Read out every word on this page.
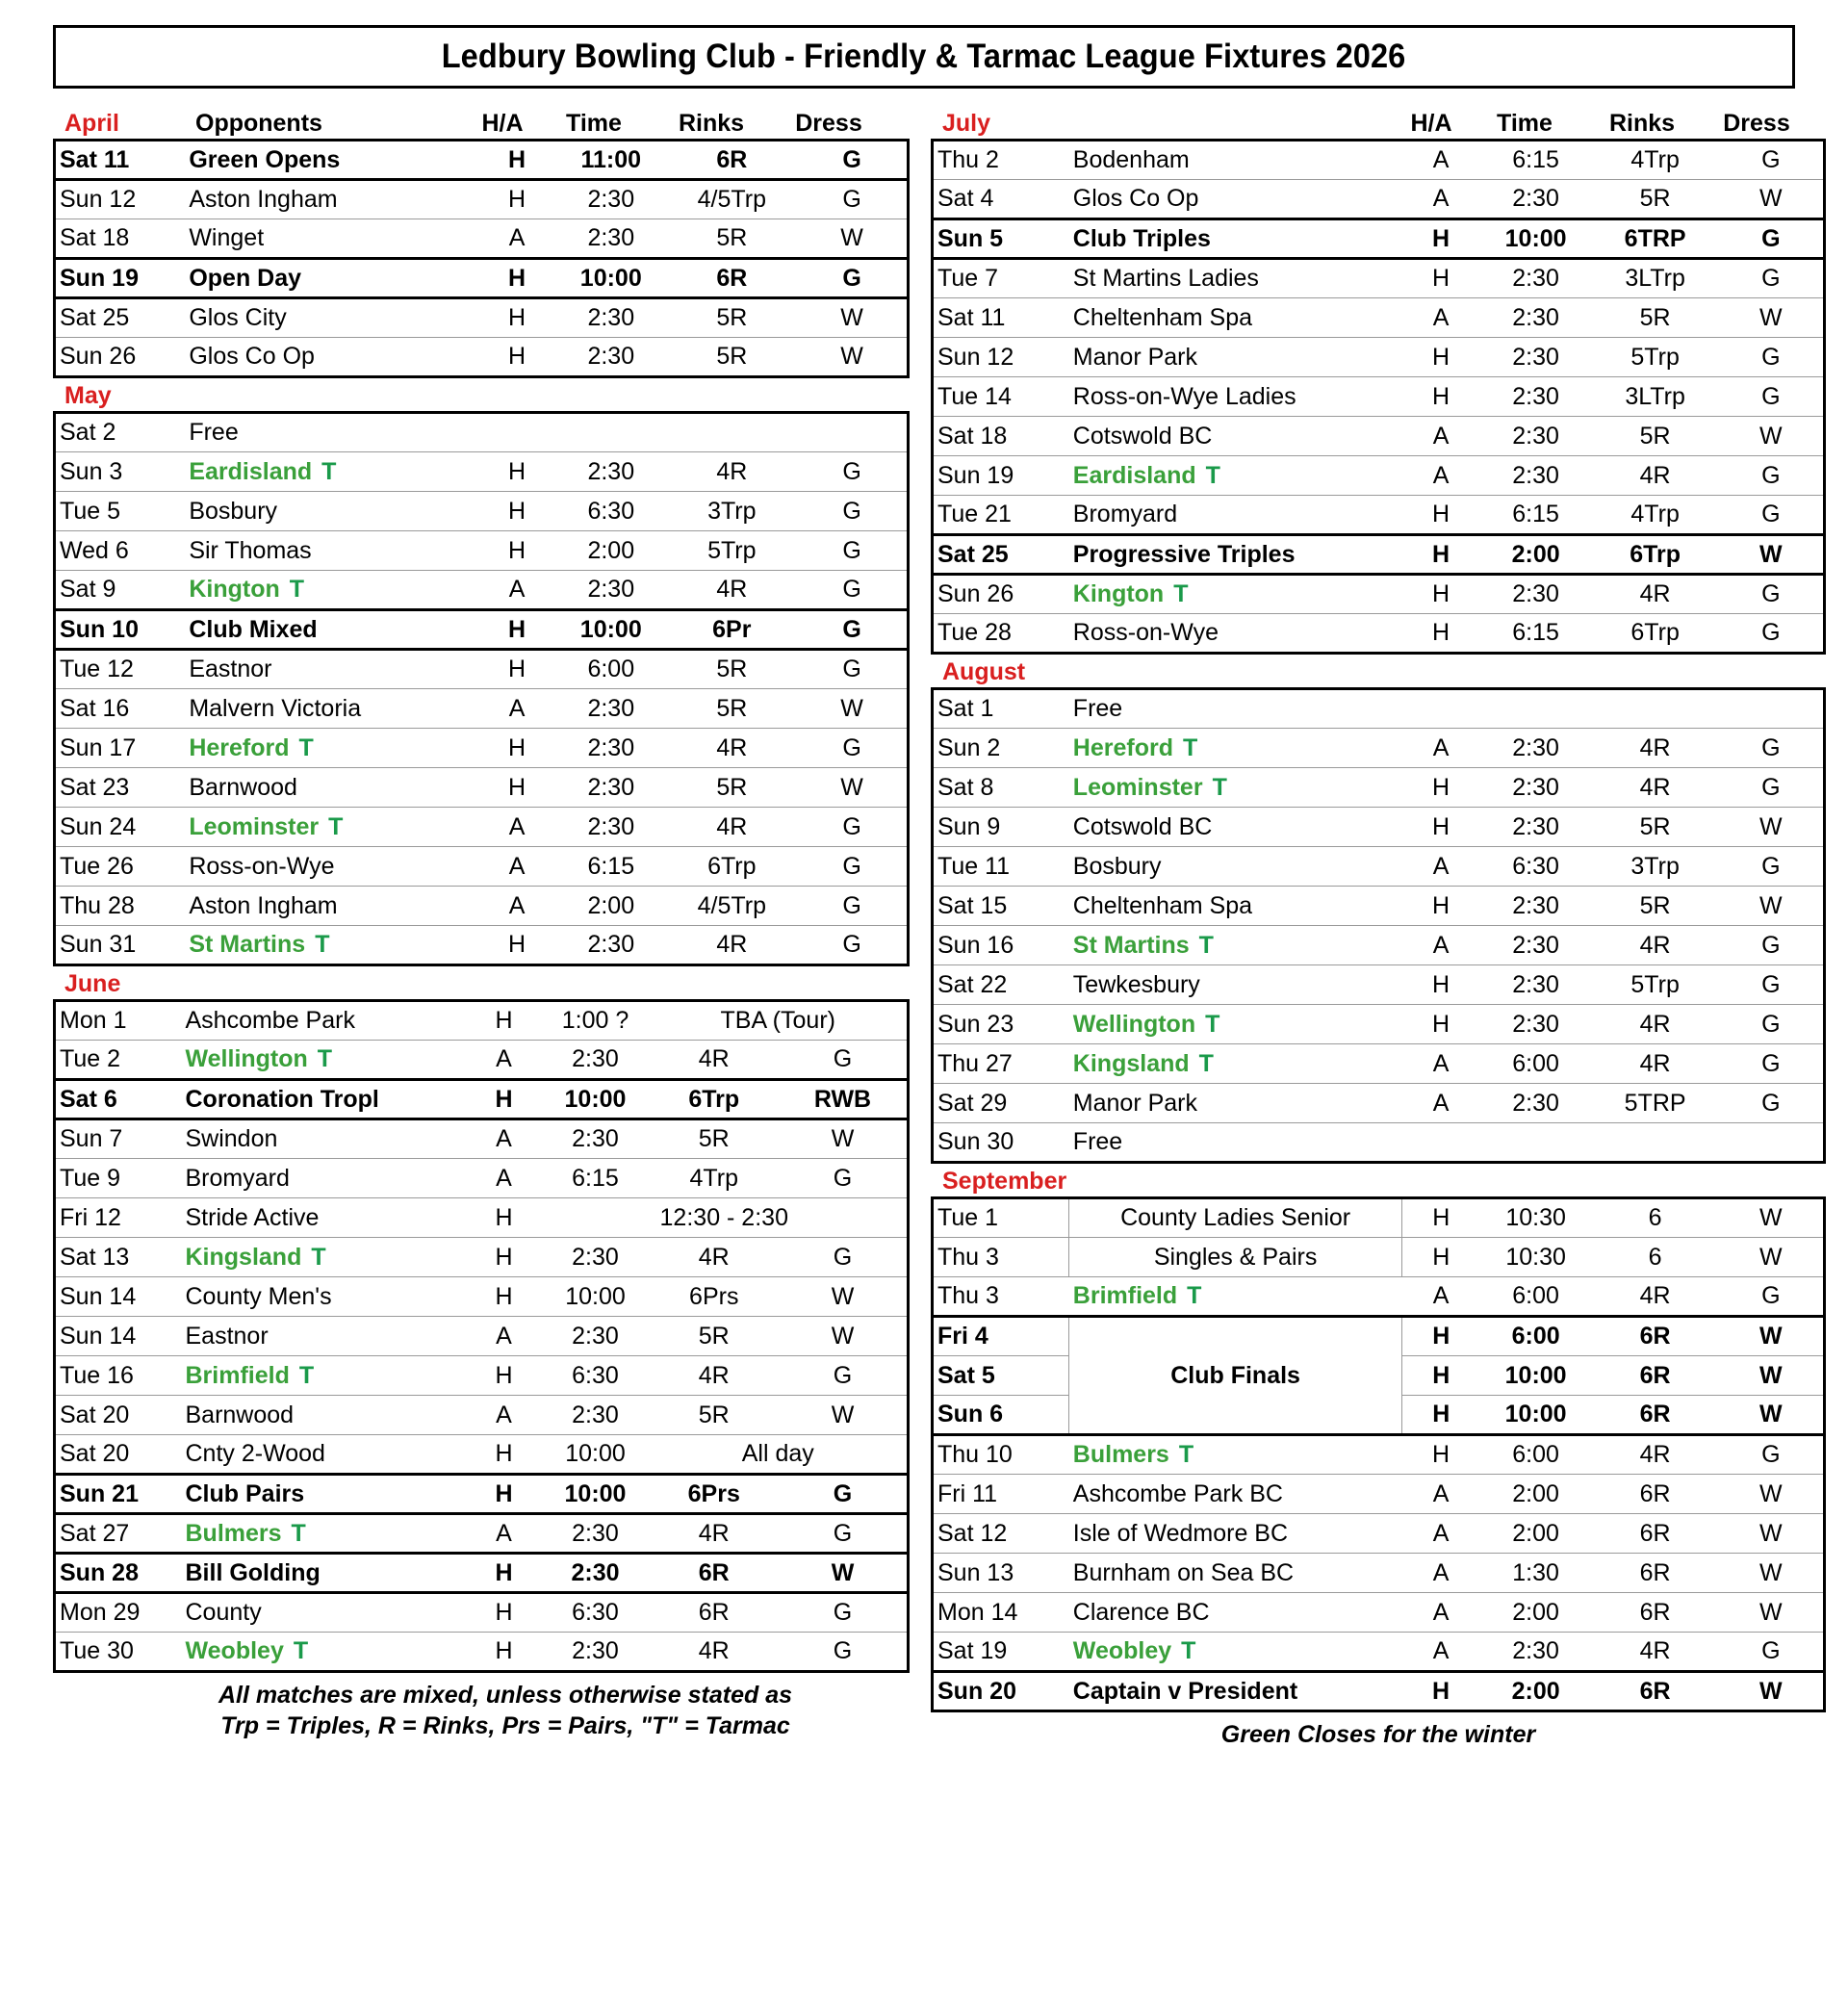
Ledbury Bowling Club - Friendly & Tarmac League Fixtures 2026
April	Opponents	H/A	Time	Rinks	Dress
Sat 11	Green Opens	H	11:00	6R	G
Sun 12	Aston Ingham	H	2:30	4/5Trp	G
Sat 18	Winget	A	2:30	5R	W
Sun 19	Open Day	H	10:00	6R	G
Sat 25	Glos City	H	2:30	5R	W
Sun 26	Glos Co Op	H	2:30	5R	W
May
Sat 2	Free				
Sun 3	Eardisland T	H	2:30	4R	G
Tue 5	Bosbury	H	6:30	3Trp	G
Wed 6	Sir Thomas	H	2:00	5Trp	G
Sat 9	Kington T	A	2:30	4R	G
Sun 10	Club Mixed	H	10:00	6Pr	G
Tue 12	Eastnor	H	6:00	5R	G
Sat 16	Malvern Victoria	A	2:30	5R	W
Sun 17	Hereford T	H	2:30	4R	G
Sat 23	Barnwood	H	2:30	5R	W
Sun 24	Leominster T	A	2:30	4R	G
Tue 26	Ross-on-Wye	A	6:15	6Trp	G
Thu 28	Aston Ingham	A	2:00	4/5Trp	G
Sun 31	St Martins T	H	2:30	4R	G
June
Mon 1	Ashcombe Park	H	1:00 ?	TBA (Tour)	
Tue 2	Wellington T	A	2:30	4R	G
Sat 6	Coronation Tropl	H	10:00	6Trp	RWB
Sun 7	Swindon	A	2:30	5R	W
Tue 9	Bromyard	A	6:15	4Trp	G
Fri 12	Stride Active	H	12:30 - 2:30		
Sat 13	Kingsland T	H	2:30	4R	G
Sun 14	County Men's	H	10:00	6Prs	W
Sun 14	Eastnor	A	2:30	5R	W
Tue 16	Brimfield T	H	6:30	4R	G
Sat 20	Barnwood	A	2:30	5R	W
Sat 20	Cnty 2-Wood	H	10:00	All day	
Sun 21	Club Pairs	H	10:00	6Prs	G
Sat 27	Bulmers T	A	2:30	4R	G
Sun 28	Bill Golding	H	2:30	6R	W
Mon 29	County	H	6:30	6R	G
Tue 30	Weobley T	H	2:30	4R	G
All matches are mixed, unless otherwise stated as
Trp = Triples, R = Rinks, Prs = Pairs, "T" = Tarmac
July	H/A	Time	Rinks	Dress
Thu 2	Bodenham	A	6:15	4Trp	G
Sat 4	Glos Co Op	A	2:30	5R	W
Sun 5	Club Triples	H	10:00	6TRP	G
Tue 7	St Martins Ladies	H	2:30	3LTrp	G
Sat 11	Cheltenham Spa	A	2:30	5R	W
Sun 12	Manor Park	H	2:30	5Trp	G
Tue 14	Ross-on-Wye Ladies	H	2:30	3LTrp	G
Sat 18	Cotswold BC	A	2:30	5R	W
Sun 19	Eardisland T	A	2:30	4R	G
Tue 21	Bromyard	H	6:15	4Trp	G
Sat 25	Progressive Triples	H	2:00	6Trp	W
Sun 26	Kington T	H	2:30	4R	G
Tue 28	Ross-on-Wye	H	6:15	6Trp	G
August
Sat 1	Free				
Sun 2	Hereford T	A	2:30	4R	G
Sat 8	Leominster T	H	2:30	4R	G
Sun 9	Cotswold BC	H	2:30	5R	W
Tue 11	Bosbury	A	6:30	3Trp	G
Sat 15	Cheltenham Spa	H	2:30	5R	W
Sun 16	St Martins T	A	2:30	4R	G
Sat 22	Tewkesbury	H	2:30	5Trp	G
Sun 23	Wellington T	H	2:30	4R	G
Thu 27	Kingsland T	A	6:00	4R	G
Sat 29	Manor Park	A	2:30	5TRP	G
Sun 30	Free				
September
Tue 1	County Ladies Senior	H	10:30	6	W
Thu 3	Singles & Pairs	H	10:30	6	W
Thu 3	Brimfield T	A	6:00	4R	G
Fri 4	Club Finals	H	6:00	6R	W
Sat 5		H	10:00	6R	W
Sun 6		H	10:00	6R	W
Thu 10	Bulmers T	H	6:00	4R	G
Fri 11	Ashcombe Park BC	A	2:00	6R	W
Sat 12	Isle of Wedmore BC	A	2:00	6R	W
Sun 13	Burnham on Sea BC	A	1:30	6R	W
Mon 14	Clarence BC	A	2:00	6R	W
Sat 19	Weobley T	A	2:30	4R	G
Sun 20	Captain v President	H	2:00	6R	W
Green Closes for the winter
